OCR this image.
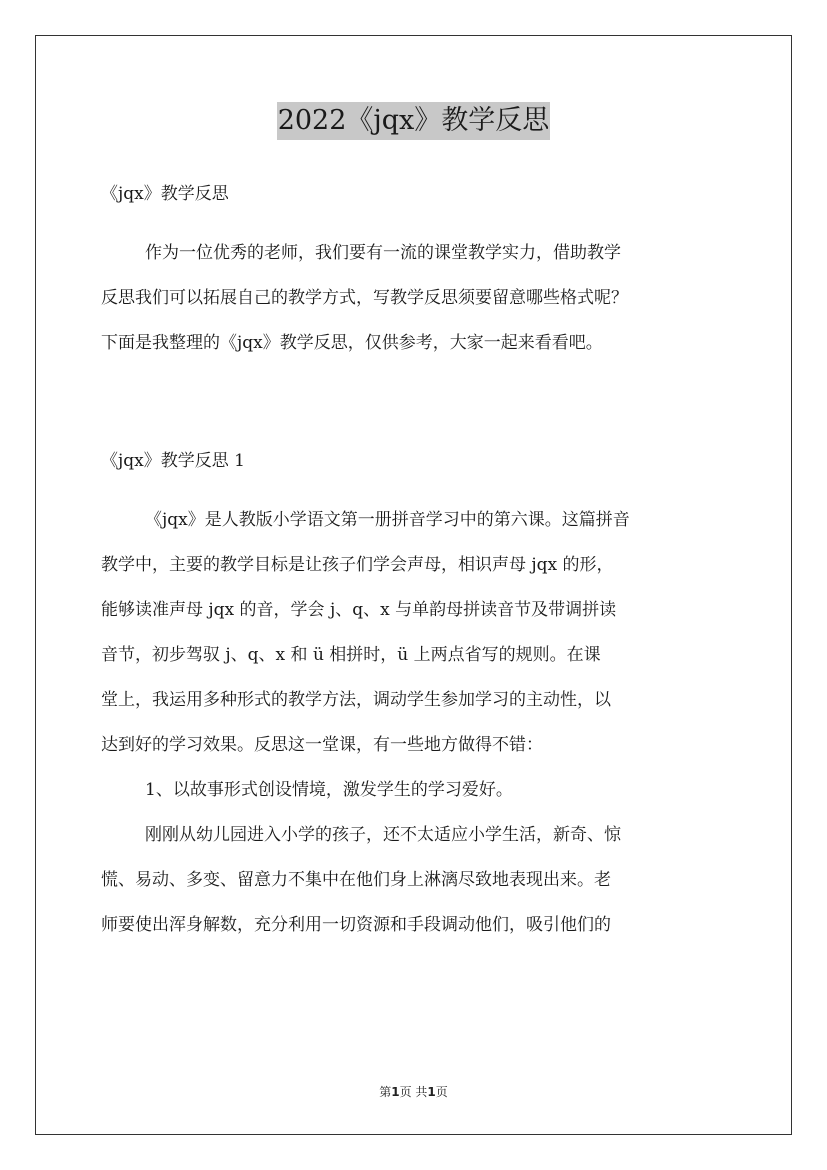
2022《jqx》教学反思
《jqx》教学反思
作为一位优秀的老师，我们要有一流的课堂教学实力，借助教学
反思我们可以拓展自己的教学方式，写教学反思须要留意哪些格式呢？
下面是我整理的《jqx》教学反思，仅供参考，大家一起来看看吧。
《jqx》教学反思 1
《jqx》是人教版小学语文第一册拼音学习中的第六课。这篇拼音
教学中，主要的教学目标是让孩子们学会声母，相识声母 jqx 的形，
能够读准声母 jqx 的音，学会 j、q、x 与单韵母拼读音节及带调拼读
音节，初步驾驭 j、q、x 和 ü 相拼时，ü 上两点省写的规则。在课
堂上，我运用多种形式的教学方法，调动学生参加学习的主动性，以
达到好的学习效果。反思这一堂课，有一些地方做得不错：
1、以故事形式创设情境，激发学生的学习爱好。
刚刚从幼儿园进入小学的孩子，还不太适应小学生活，新奇、惊
慌、易动、多变、留意力不集中在他们身上淋漓尽致地表现出来。老
师要使出浑身解数，充分利用一切资源和手段调动他们，吸引他们的
第1页 共1页
